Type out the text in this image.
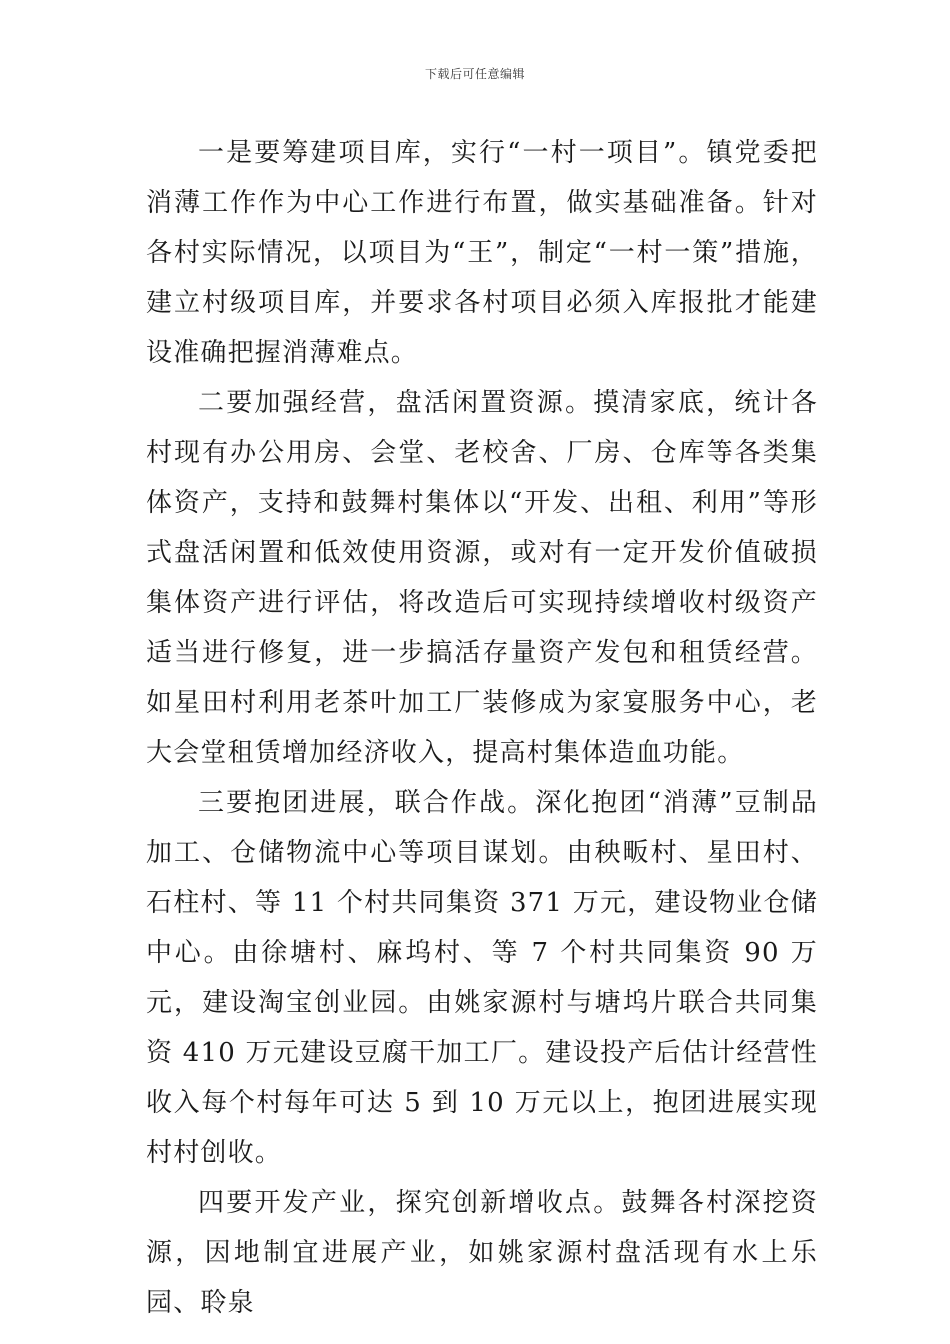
下载后可任意编辑

一是要筹建项目库，实行“一村一项目”。镇党委把消薄工作作为中心工作进行布置，做实基础准备。针对各村实际情况，以项目为“王”，制定“一村一策”措施，建立村级项目库，并要求各村项目必须入库报批才能建设准确把握消薄难点。

二要加强经营，盘活闲置资源。摸清家底，统计各村现有办公用房、会堂、老校舍、厂房、仓库等各类集体资产，支持和鼓舞村集体以“开发、出租、利用”等形式盘活闲置和低效使用资源，或对有一定开发价值破损集体资产进行评估，将改造后可实现持续增收村级资产适当进行修复，进一步搞活存量资产发包和租赁经营。如星田村利用老茶叶加工厂装修成为家宴服务中心，老大会堂租赁增加经济收入，提高村集体造血功能。

三要抱团进展，联合作战。深化抱团“消薄”豆制品加工、仓储物流中心等项目谋划。由秧畈村、星田村、石柱村、等 11 个村共同集资 371 万元，建设物业仓储中心。由徐塘村、麻坞村、等 7 个村共同集资 90 万元，建设淘宝创业园。由姚家源村与塘坞片联合共同集资 410 万元建设豆腐干加工厂。建设投产后估计经营性收入每个村每年可达 5 到 10 万元以上，抱团进展实现村村创收。

四要开发产业，探究创新增收点。鼓舞各村深挖资源，因地制宜进展产业，如姚家源村盘活现有水上乐园、聆泉
